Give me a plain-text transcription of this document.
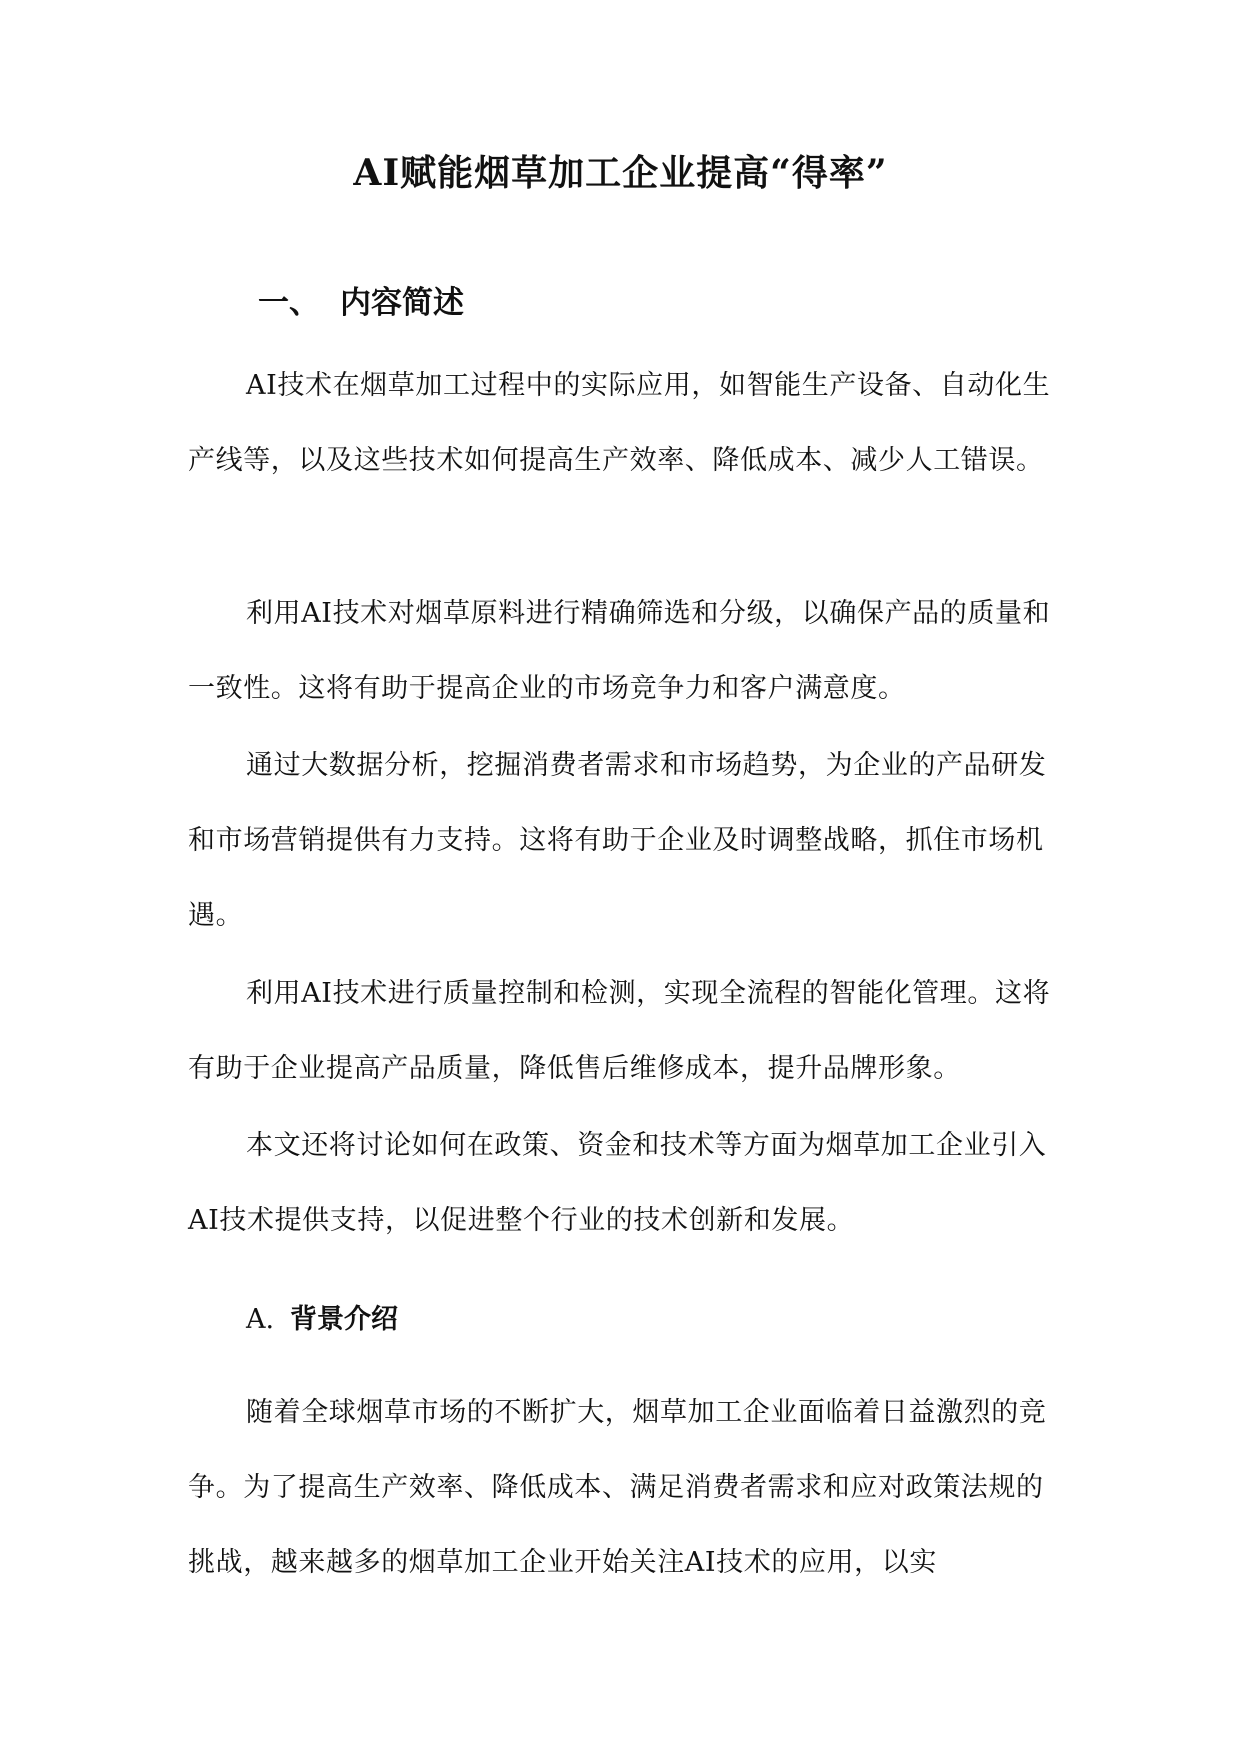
AI赋能烟草加工企业提高“得率”
一、 内容简述

AI技术在烟草加工过程中的实际应用，如智能生产设备、自动化生产线等，以及这些技术如何提高生产效率、降低成本、减少人工错误。

利用AI技术对烟草原料进行精确筛选和分级，以确保产品的质量和一致性。这将有助于提高企业的市场竞争力和客户满意度。

通过大数据分析，挖掘消费者需求和市场趋势，为企业的产品研发和市场营销提供有力支持。这将有助于企业及时调整战略，抓住市场机遇。

利用AI技术进行质量控制和检测，实现全流程的智能化管理。这将有助于企业提高产品质量，降低售后维修成本，提升品牌形象。

本文还将讨论如何在政策、资金和技术等方面为烟草加工企业引入AI技术提供支持，以促进整个行业的技术创新和发展。

A. 背景介绍

随着全球烟草市场的不断扩大，烟草加工企业面临着日益激烈的竞争。为了提高生产效率、降低成本、满足消费者需求和应对政策法规的挑战，越来越多的烟草加工企业开始关注AI技术的应用，以实
